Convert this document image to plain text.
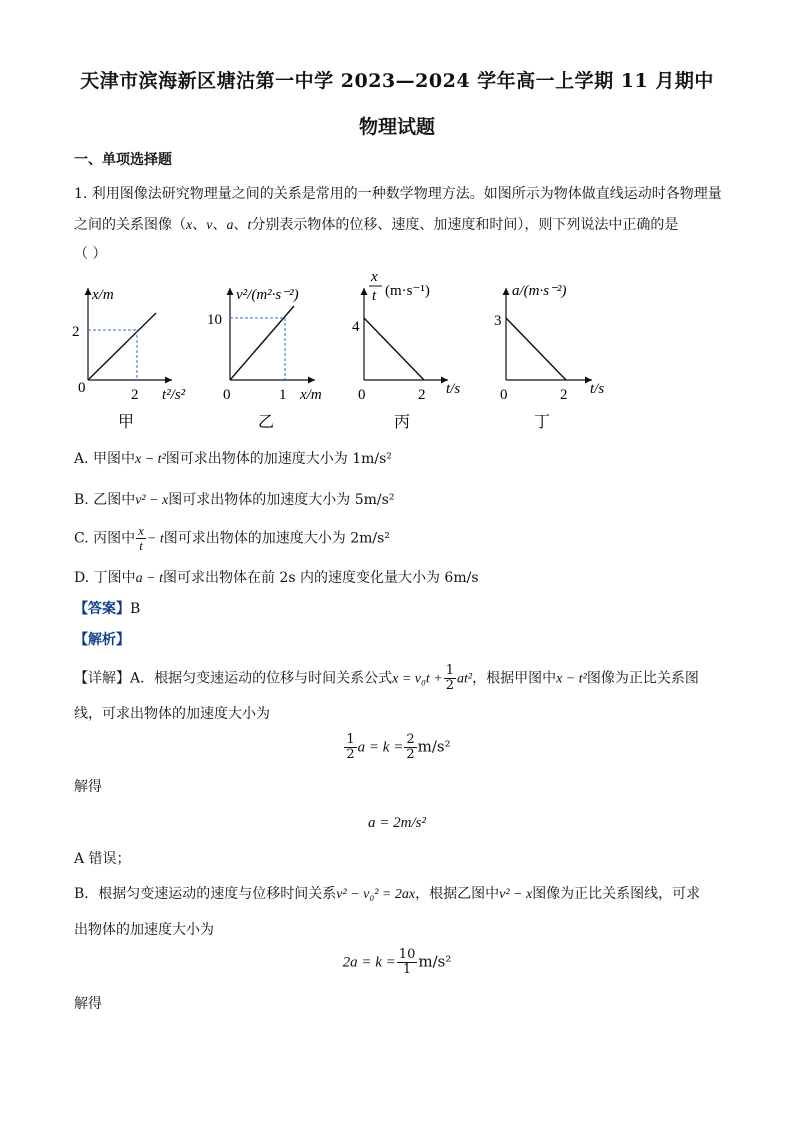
天津市滨海新区塘沽第一中学 2023—2024 学年高一上学期 11 月期中
物理试题
一、单项选择题
1. 利用图像法研究物理量之间的关系是常用的一种数学物理方法。如图所示为物体做直线运动时各物理量
之间的关系图像（x、v、a、t分别表示物体的位移、速度、加速度和时间），则下列说法中正确的是
（ ）
x/m
2
0	2 t²/s²
甲
v²/(m²·s⁻²)
10
0	1 x/m
乙
x
t (m·s⁻¹)
4
0	2 t/s
丙
a/(m·s⁻²)
3
0	2 t/s
丁
A. 甲图中x − t²图可求出物体的加速度大小为 1m/s²
B. 乙图中v² − x图可求出物体的加速度大小为 5m/s²
C. 丙图中 $\frac{x}{t} - t$图可求出物体的加速度大小为 2m/s²
D. 丁图中a − t图可求出物体在前 2s 内的速度变化量大小为 6m/s
【答案】B
【解析】
【详解】A．根据匀变速运动的位移与时间关系公式$x = v_0t + \frac{1}{2} at^2$，根据甲图中x − t²图像为正比关系图
线，可求出物体的加速度大小为
$\frac{1}{2}$ $a = k = \frac{2}{2} m/s^2$
解得
a = 2m/s²
A 错误；
B．根据匀变速运动的速度与位移时间关系v² − v₀² = 2ax，根据乙图中v² − x图像为正比关系图线，可求
出物体的加速度大小为
$2a = k = \frac{10}{1} m/s^2$
解得
